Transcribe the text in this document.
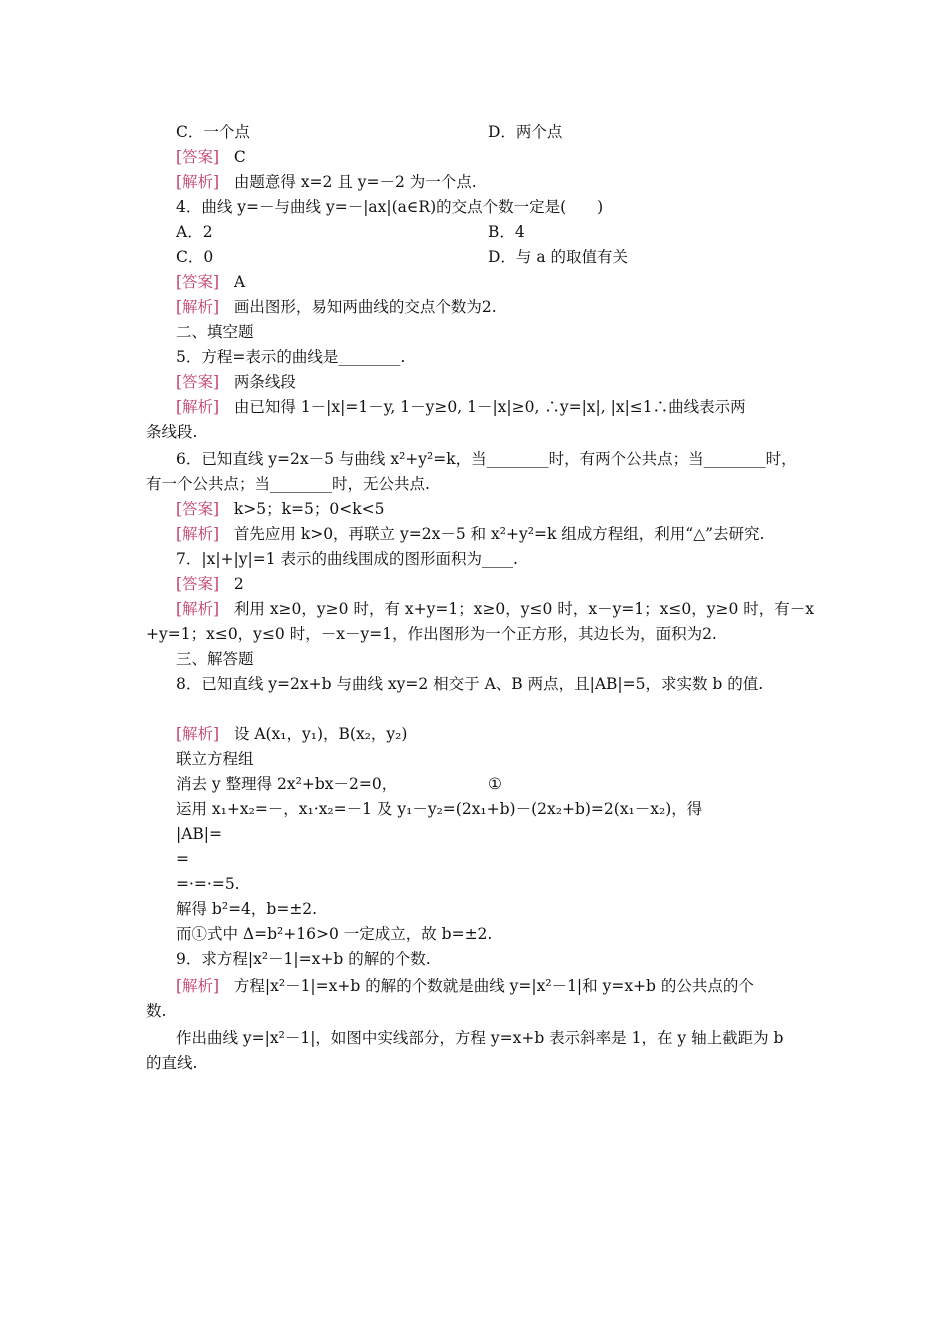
C．一个点	D．两个点
[答案] C
[解析] 由题意得 x=2 且 y=－2 为一个点.
4．曲线 y=－与曲线 y=－|ax|(a∈R)的交点个数一定是(　　)
A．2	B．4
C．0	D．与 a 的取值有关
[答案] A
[解析] 画出图形，易知两曲线的交点个数为2.
二、填空题
5．方程=表示的曲线是________.
[答案] 两条线段
[解析] 由已知得 1－|x|=1－y, 1－y≥0, 1－|x|≥0, ∴y=|x|, |x|≤1∴曲线表示两
条线段.
6．已知直线 y=2x－5 与曲线 x²+y²=k，当________时，有两个公共点；当________时，
有一个公共点；当________时，无公共点.
[答案] k>5；k=5；0<k<5
[解析] 首先应用 k>0，再联立 y=2x－5 和 x²+y²=k 组成方程组，利用“△”去研究.
7．|x|+|y|=1 表示的曲线围成的图形面积为____.
[答案] 2
[解析] 利用 x≥0，y≥0 时，有 x+y=1；x≥0，y≤0 时，x－y=1；x≤0，y≥0 时，有－x
+y=1；x≤0，y≤0 时，－x－y=1，作出图形为一个正方形，其边长为，面积为2.
三、解答题
8．已知直线 y=2x+b 与曲线 xy=2 相交于 A、B 两点，且|AB|=5，求实数 b 的值.
[解析] 设 A(x₁，y₁)，B(x₂，y₂)
联立方程组
消去 y 整理得 2x²+bx－2=0，	①
运用 x₁+x₂=－，x₁·x₂=－1 及 y₁－y₂=(2x₁+b)－(2x₂+b)=2(x₁－x₂)，得
|AB|=
=
=·=·=5.
解得 b²=4，b=±2.
而①式中 Δ=b²+16>0 一定成立，故 b=±2.
9．求方程|x²－1|=x+b 的解的个数.
[解析] 方程|x²－1|=x+b 的解的个数就是曲线 y=|x²－1|和 y=x+b 的公共点的个
数.
作出曲线 y=|x²－1|，如图中实线部分，方程 y=x+b 表示斜率是 1，在 y 轴上截距为 b
的直线.
